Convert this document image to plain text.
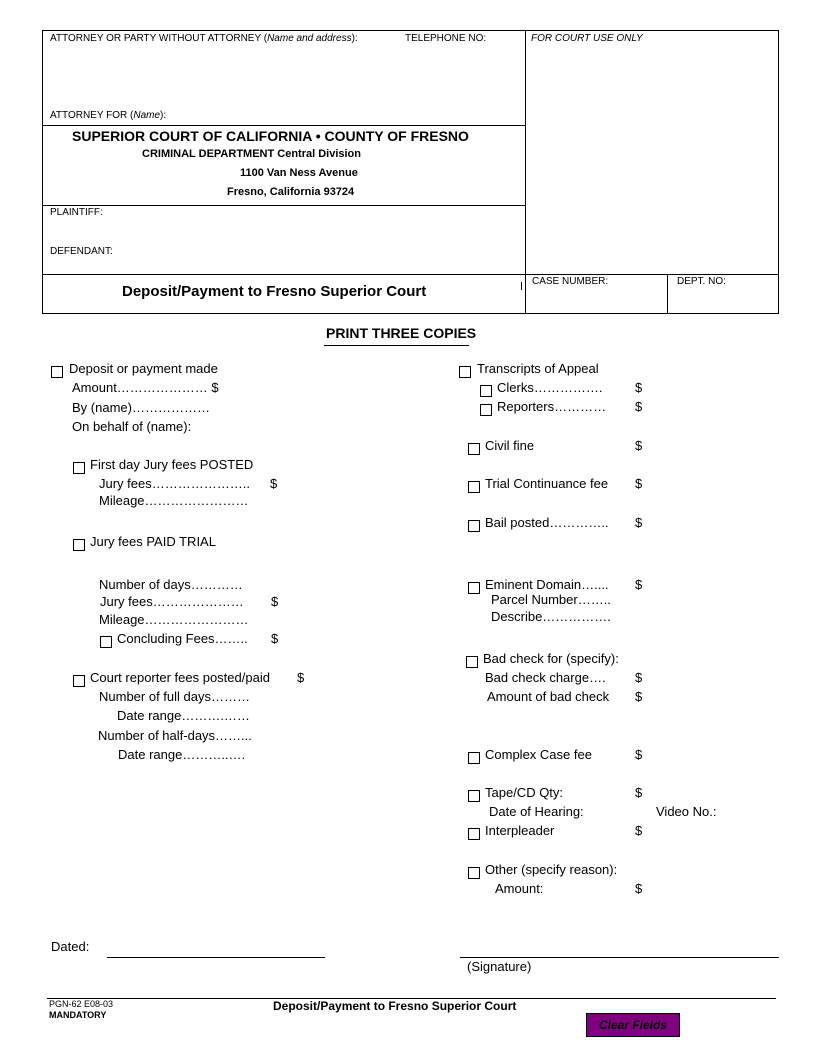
ATTORNEY OR PARTY WITHOUT ATTORNEY (Name and address):	TELEPHONE NO:	FOR COURT USE ONLY
ATTORNEY FOR (Name):
SUPERIOR COURT OF CALIFORNIA • COUNTY OF FRESNO
CRIMINAL DEPARTMENT Central Division
1100 Van Ness Avenue
Fresno, California 93724
PLAINTIFF:
DEFENDANT:
Deposit/Payment to Fresno Superior Court
CASE NUMBER:	DEPT. NO:
PRINT THREE COPIES
Deposit or payment made
Amount………………… $
By (name)………………
On behalf of (name):
First day Jury fees POSTED
Jury fees………………….. $
Mileage……………………
Jury fees PAID TRIAL
Number of days…………
Jury fees………………… $
Mileage……………………
Concluding Fees…….. $
Court reporter fees posted/paid $
Number of full days………
Date range……….……
Number of half-days……...
Date range………..….
Transcripts of Appeal
Clerks…………….	$
Reporters………… $
Civil fine	$
Trial Continuance fee $
Bail posted………….. $
Eminent Domain….... $
Parcel Number……..
Describe…………….
Bad check for (specify):
Bad check charge…. $
Amount of bad check $
Complex Case fee	$
Tape/CD Qty:	$
Date of Hearing:	Video No.:
Interpleader	$
Other (specify reason):
Amount:	$
Dated:
(Signature)
PGN-62 E08-03
MANDATORY
Deposit/Payment to Fresno Superior Court
Clear Fields
